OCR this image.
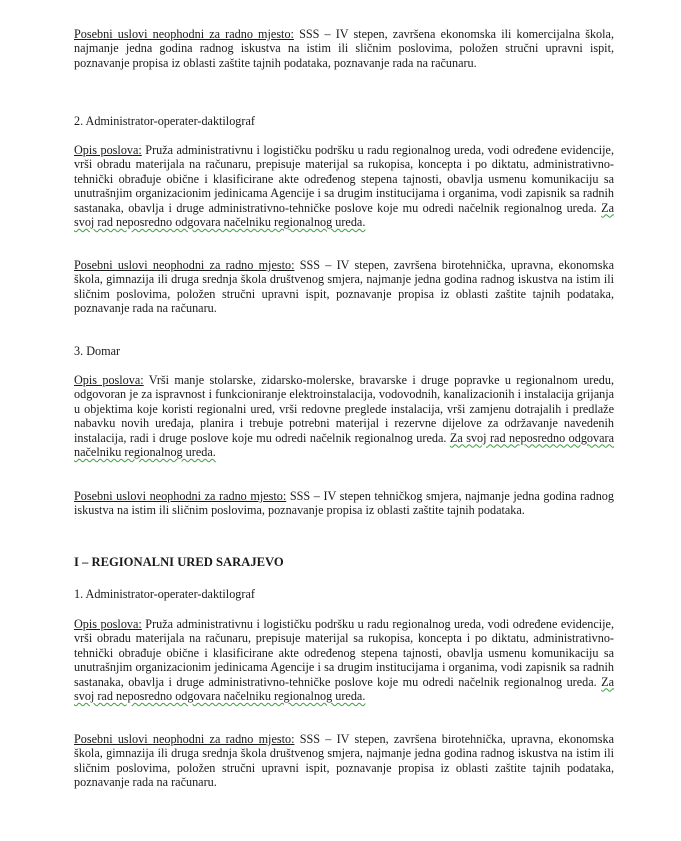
Posebni uslovi neophodni za radno mjesto: SSS – IV stepen, završena ekonomska ili komercijalna škola, najmanje jedna godina radnog iskustva na istim ili sličnim poslovima, položen stručni upravni ispit, poznavanje propisa iz oblasti zaštite tajnih podataka, poznavanje rada na računaru.

2. Administrator-operater-daktilograf

Opis poslova: Pruža administrativnu i logističku podršku u radu regionalnog ureda, vodi određene evidencije, vrši obradu materijala na računaru, prepisuje materijal sa rukopisa, koncepta i po diktatu, administrativno-tehnički obrađuje obične i klasificirane akte određenog stepena tajnosti, obavlja usmenu komunikaciju sa unutrašnjim organizacionim jedinicama Agencije i sa drugim institucijama i organima, vodi zapisnik sa radnih sastanaka, obavlja i druge administrativno-tehničke poslove koje mu odredi načelnik regionalnog ureda. Za svoj rad neposredno odgovara načelniku regionalnog ureda.

Posebni uslovi neophodni za radno mjesto: SSS – IV stepen, završena birotehnička, upravna, ekonomska škola, gimnazija ili druga srednja škola društvenog smjera, najmanje jedna godina radnog iskustva na istim ili sličnim poslovima, položen stručni upravni ispit, poznavanje propisa iz oblasti zaštite tajnih podataka, poznavanje rada na računaru.

3. Domar

Opis poslova: Vrši manje stolarske, zidarsko-molerske, bravarske i druge popravke u regionalnom uredu, odgovoran je za ispravnost i funkcioniranje elektroinstalacija, vodovodnih, kanalizacionih i instalacija grijanja u objektima koje koristi regionalni ured, vrši redovne preglede instalacija, vrši zamjenu dotrajalih i predlaže nabavku novih uređaja, planira i trebuje potrebni materijal i rezervne dijelove za održavanje navedenih instalacija, radi i druge poslove koje mu odredi načelnik regionalnog ureda. Za svoj rad neposredno odgovara načelniku regionalnog ureda.

Posebni uslovi neophodni za radno mjesto: SSS – IV stepen tehničkog smjera, najmanje jedna godina radnog iskustva na istim ili sličnim poslovima, poznavanje propisa iz oblasti zaštite tajnih podataka.

I – REGIONALNI URED SARAJEVO

1. Administrator-operater-daktilograf

Opis poslova: Pruža administrativnu i logističku podršku u radu regionalnog ureda, vodi određene evidencije, vrši obradu materijala na računaru, prepisuje materijal sa rukopisa, koncepta i po diktatu, administrativno-tehnički obrađuje obične i klasificirane akte određenog stepena tajnosti, obavlja usmenu komunikaciju sa unutrašnjim organizacionim jedinicama Agencije i sa drugim institucijama i organima, vodi zapisnik sa radnih sastanaka, obavlja i druge administrativno-tehničke poslove koje mu odredi načelnik regionalnog ureda. Za svoj rad neposredno odgovara načelniku regionalnog ureda.

Posebni uslovi neophodni za radno mjesto: SSS – IV stepen, završena birotehnička, upravna, ekonomska škola, gimnazija ili druga srednja škola društvenog smjera, najmanje jedna godina radnog iskustva na istim ili sličnim poslovima, položen stručni upravni ispit, poznavanje propisa iz oblasti zaštite tajnih podataka, poznavanje rada na računaru.
